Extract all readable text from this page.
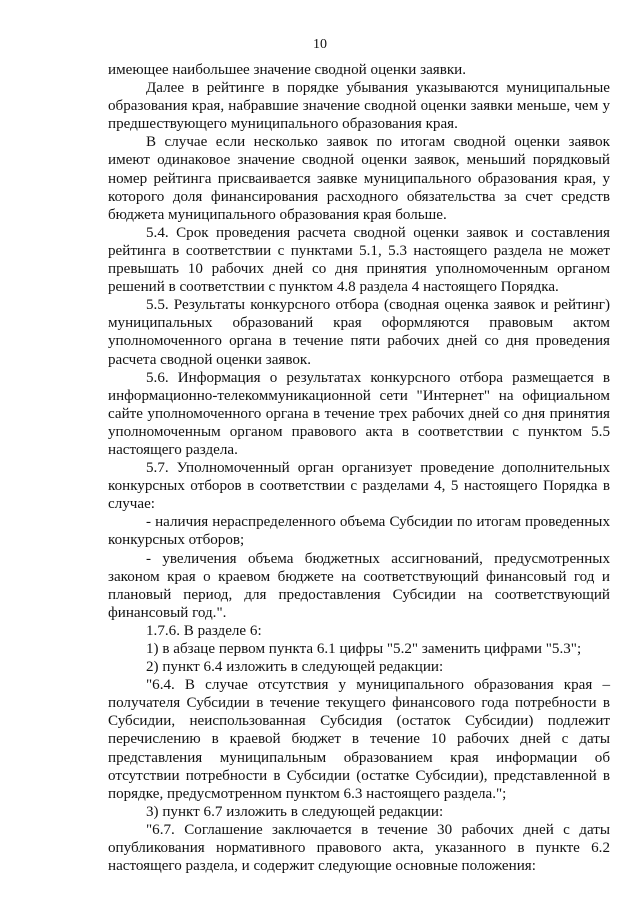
10

имеющее наибольшее значение сводной оценки заявки.

Далее в рейтинге в порядке убывания указываются муниципальные образования края, набравшие значение сводной оценки заявки меньше, чем у предшествующего муниципального образования края.

В случае если несколько заявок по итогам сводной оценки заявок имеют одинаковое значение сводной оценки заявок, меньший порядковый номер рейтинга присваивается заявке муниципального образования края, у которого доля финансирования расходного обязательства за счет средств бюджета муниципального образования края больше.

5.4. Срок проведения расчета сводной оценки заявок и составления рейтинга в соответствии с пунктами 5.1, 5.3 настоящего раздела не может превышать 10 рабочих дней со дня принятия уполномоченным органом решений в соответствии с пунктом 4.8 раздела 4 настоящего Порядка.

5.5. Результаты конкурсного отбора (сводная оценка заявок и рейтинг) муниципальных образований края оформляются правовым актом уполномоченного органа в течение пяти рабочих дней со дня проведения расчета сводной оценки заявок.

5.6. Информация о результатах конкурсного отбора размещается в информационно-телекоммуникационной сети "Интернет" на официальном сайте уполномоченного органа в течение трех рабочих дней со дня принятия уполномоченным органом правового акта в соответствии с пунктом 5.5 настоящего раздела.

5.7. Уполномоченный орган организует проведение дополнительных конкурсных отборов в соответствии с разделами 4, 5 настоящего Порядка в случае:

- наличия нераспределенного объема Субсидии по итогам проведенных конкурсных отборов;

- увеличения объема бюджетных ассигнований, предусмотренных законом края о краевом бюджете на соответствующий финансовый год и плановый период, для предоставления Субсидии на соответствующий финансовый год.".

1.7.6. В разделе 6:

1) в абзаце первом пункта 6.1 цифры "5.2" заменить цифрами "5.3";

2) пункт 6.4 изложить в следующей редакции:

"6.4. В случае отсутствия у муниципального образования края – получателя Субсидии в течение текущего финансового года потребности в Субсидии, неиспользованная Субсидия (остаток Субсидии) подлежит перечислению в краевой бюджет в течение 10 рабочих дней с даты представления муниципальным образованием края информации об отсутствии потребности в Субсидии (остатке Субсидии), представленной в порядке, предусмотренном пунктом 6.3 настоящего раздела.";

3) пункт 6.7 изложить в следующей редакции:

"6.7. Соглашение заключается в течение 30 рабочих дней с даты опубликования нормативного правового акта, указанного в пункте 6.2 настоящего раздела, и содержит следующие основные положения:
